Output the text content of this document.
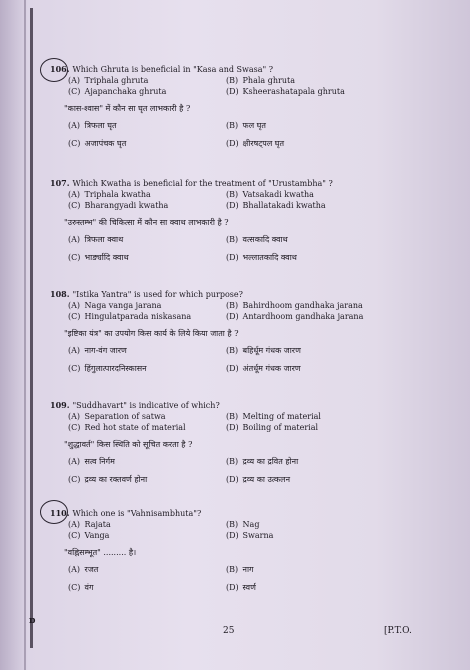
106. Which Ghruta is beneficial in "Kasa and Swasa" ?
(A) Triphala ghruta	(B) Phala ghruta
(C) Ajapanchaka ghruta	(D) Ksheerashatapala ghruta
"कास-श्वास" में कौन सा घृत लाभकारी है ?
(A) त्रिफला घृत	(B) फल घृत
(C) अजापंचक घृत	(D) क्षीरषट्पल घृत
107. Which Kwatha is beneficial for the treatment of "Urustambha" ?
(A) Triphala kwatha	(B) Vatsakadi kwatha
(C) Bharangyadi kwatha	(D) Bhallatakadi kwatha
"उरुस्तम्भ" की चिकित्सा में कौन सा क्वाथ लाभकारी है ?
(A) त्रिफला क्वाथ	(B) वत्सकादि क्वाथ
(C) भार्ङ्यादि क्वाथ	(D) भल्लातकादि क्वाथ
108. "Istika Yantra" is used for which purpose?
(A) Naga vanga jarana	(B) Bahirdhoom gandhaka jarana
(C) Hingulatparada niskasana	(D) Antardhoom gandhaka jarana
"इष्टिका यंत्र" का उपयोग किस कार्य के लिये किया जाता है ?
(A) नाग-वंग जारण	(B) बहिर्धूम गंधक जारण
(C) हिंगुलात्पारदनिस्कासन	(D) अंतर्धूम गंधक जारण
109. "Suddhavart" is indicative of which?
(A) Separation of satwa	(B) Melting of material
(C) Red hot state of material	(D) Boiling of material
"शुद्धावर्त" किस स्थिति को सूचित करता है ?
(A) सत्व निर्गम	(B) द्रव्य का द्रवित होना
(C) द्रव्य का रक्तवर्ण होना	(D) द्रव्य का उत्कलन
110. Which one is "Vahnisambhuta"?
(A) Rajata	(B) Nag
(C) Vanga	(D) Swarna
"वह्निसम्भूत" ......... है।
(A) रजत	(B) नाग
(C) वंग	(D) स्वर्ण
ɒ
25	[P.T.O.
